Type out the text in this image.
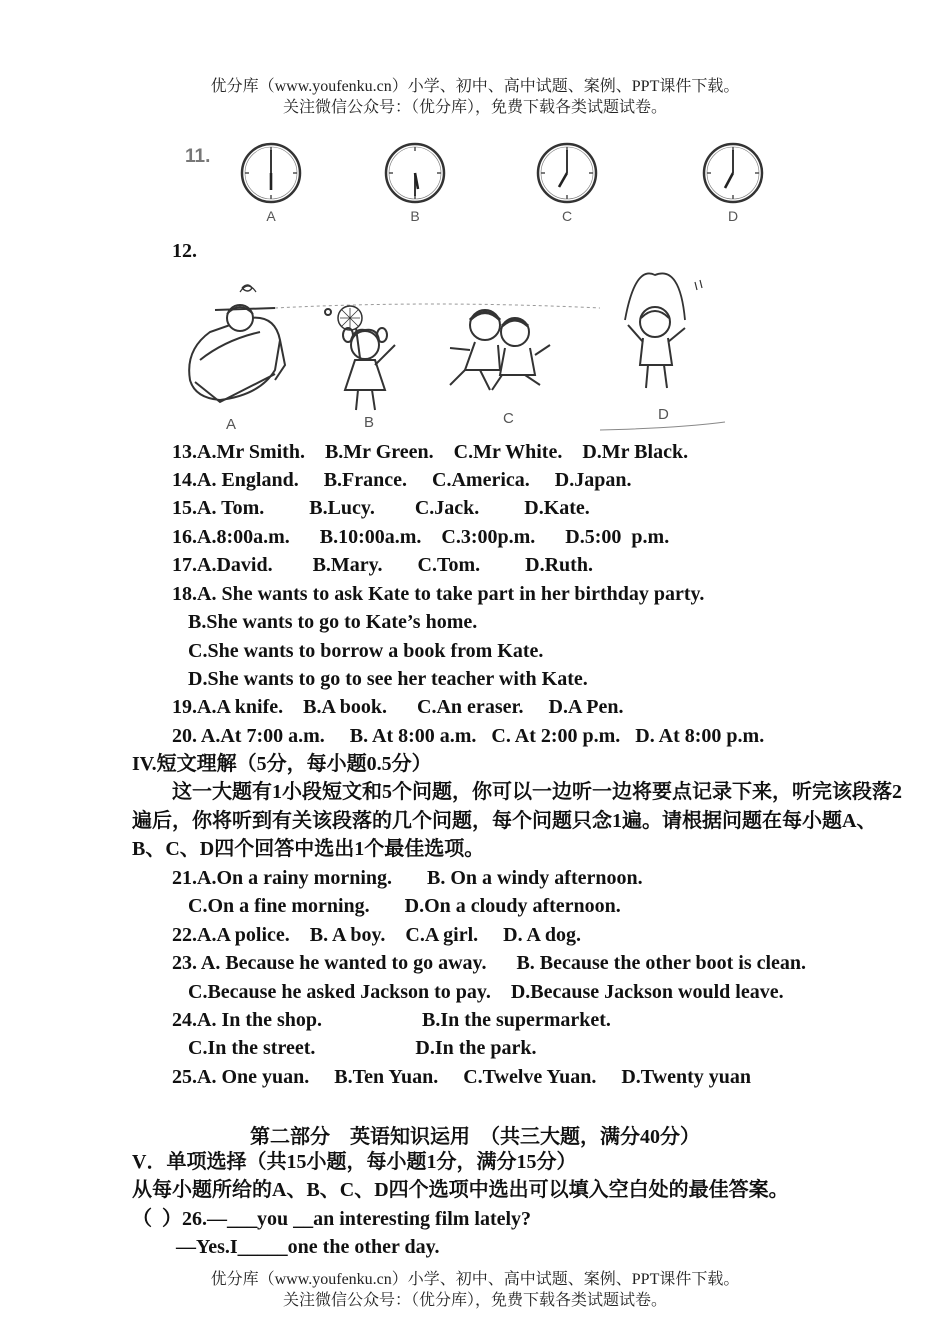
优分库（www.youfenku.cn）小学、初中、高中试题、案例、PPT课件下载。
关注微信公众号：（优分库），免费下载各类试题试卷。
11.
A	B	C	D
12.
A	B	C	D
13.A.Mr Smith.    B.Mr Green.    C.Mr White.    D.Mr Black.
14.A. England.     B.France.     C.America.     D.Japan.
15.A. Tom.         B.Lucy.        C.Jack.         D.Kate.
16.A.8:00a.m.      B.10:00a.m.    C.3:00p.m.      D.5:00  p.m.
17.A.David.        B.Mary.       C.Tom.         D.Ruth.
18.A. She wants to ask Kate to take part in her birthday party.
B.She wants to go to Kate’s home.
C.She wants to borrow a book from Kate.
D.She wants to go to see her teacher with Kate.
19.A.A knife.    B.A book.      C.An eraser.     D.A Pen.
20. A.At 7:00 a.m.     B. At 8:00 a.m.   C. At 2:00 p.m.   D. At 8:00 p.m.
IV.短文理解（5分，每小题0.5分）
这一大题有1小段短文和5个问题，你可以一边听一边将要点记录下来，听完该段落2遍后，你将听到有关该段落的几个问题，每个问题只念1遍。请根据问题在每小题A、B、C、D四个回答中选出1个最佳选项。
21.A.On a rainy morning.       B. On a windy afternoon.
C.On a fine morning.       D.On a cloudy afternoon.
22.A.A police.    B. A boy.    C.A girl.     D. A dog.
23. A. Because he wanted to go away.      B. Because the other boot is clean.
C.Because he asked Jackson to pay.    D.Because Jackson would leave.
24.A. In the shop.                    B.In the supermarket.
C.In the street.                    D.In the park.
25.A. One yuan.     B.Ten Yuan.     C.Twelve Yuan.     D.Twenty yuan
第二部分    英语知识运用  （共三大题，满分40分）
V．单项选择（共15小题，每小题1分，满分15分）
从每小题所给的A、B、C、D四个选项中选出可以填入空白处的最佳答案。
（  ）26.—___you __an interesting film lately?
—Yes.I_____one the other day.
优分库（www.youfenku.cn）小学、初中、高中试题、案例、PPT课件下载。
关注微信公众号：（优分库），免费下载各类试题试卷。
